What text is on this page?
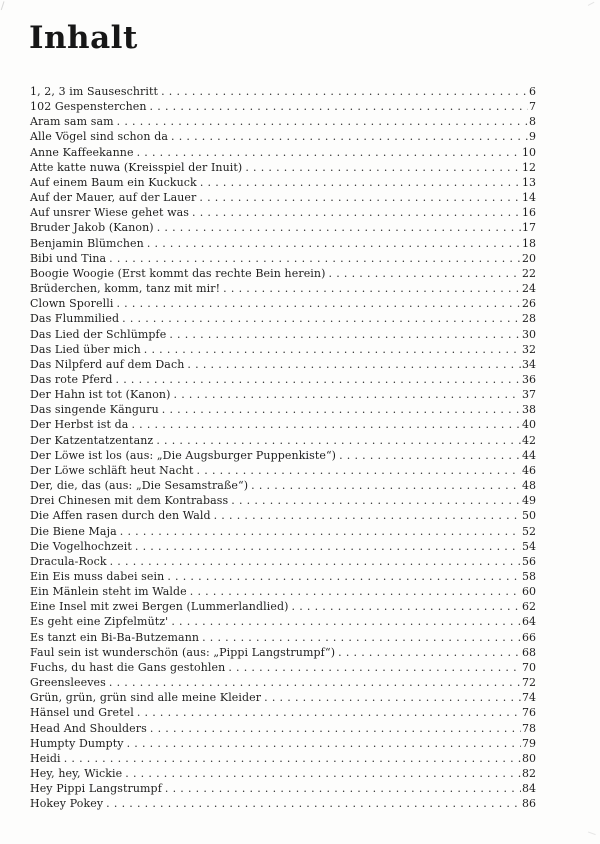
Inhalt
1, 2, 3 im Sauseschritt .....	6
102 Gespensterchen .....	7
Aram sam sam .....	8
Alle Vögel sind schon da .....	9
Anne Kaffeekanne .....	10
Atte katte nuwa (Kreisspiel der Inuit) .....	12
Auf einem Baum ein Kuckuck .....	13
Auf der Mauer, auf der Lauer .....	14
Auf unsrer Wiese gehet was .....	16
Bruder Jakob (Kanon) .....	17
Benjamin Blümchen .....	18
Bibi und Tina .....	20
Boogie Woogie (Erst kommt das rechte Bein herein) .....	22
Brüderchen, komm, tanz mit mir! .....	24
Clown Sporelli .....	26
Das Flummilied .....	28
Das Lied der Schlümpfe .....	30
Das Lied über mich .....	32
Das Nilpferd auf dem Dach .....	34
Das rote Pferd .....	36
Der Hahn ist tot (Kanon) .....	37
Das singende Känguru .....	38
Der Herbst ist da .....	40
Der Katzentatzentanz .....	42
Der Löwe ist los (aus: „Die Augsburger Puppenkiste“) .....	44
Der Löwe schläft heut Nacht .....	46
Der, die, das (aus: „Die Sesamstraße“) .....	48
Drei Chinesen mit dem Kontrabass .....	49
Die Affen rasen durch den Wald .....	50
Die Biene Maja .....	52
Die Vogelhochzeit .....	54
Dracula-Rock .....	56
Ein Eis muss dabei sein .....	58
Ein Mänlein steht im Walde .....	60
Eine Insel mit zwei Bergen (Lummerlandlied) .....	62
Es geht eine Zipfelmütz' .....	64
Es tanzt ein Bi-Ba-Butzemann .....	66
Faul sein ist wunderschön (aus: „Pippi Langstrumpf“) .....	68
Fuchs, du hast die Gans gestohlen .....	70
Greensleeves .....	72
Grün, grün, grün sind alle meine Kleider .....	74
Hänsel und Gretel .....	76
Head And Shoulders .....	78
Humpty Dumpty .....	79
Heidi .....	80
Hey, hey, Wickie .....	82
Hey Pippi Langstrumpf .....	84
Hokey Pokey .....	86
